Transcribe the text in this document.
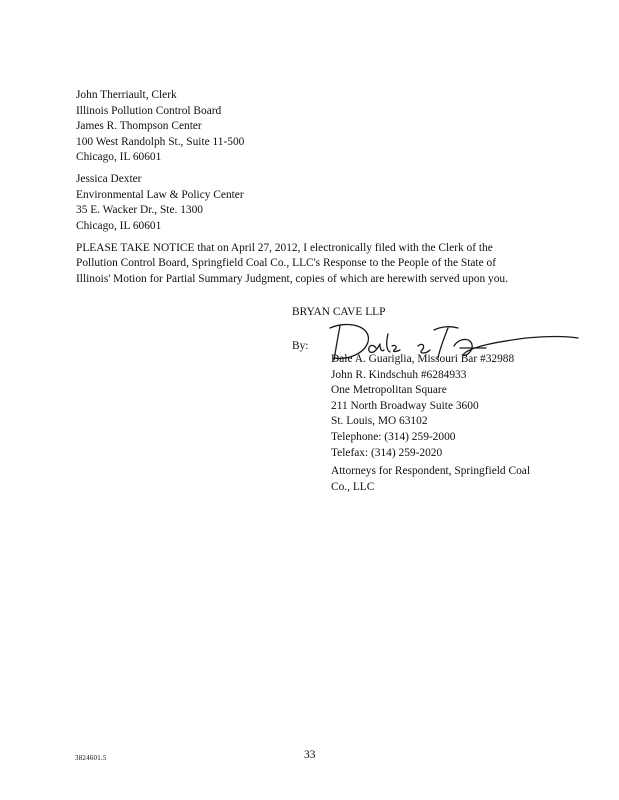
John Therriault, Clerk
Illinois Pollution Control Board
James R. Thompson Center
100 West Randolph St., Suite 11-500
Chicago, IL 60601
Jessica Dexter
Environmental Law & Policy Center
35 E. Wacker Dr., Ste. 1300
Chicago, IL 60601
PLEASE TAKE NOTICE that on April 27, 2012, I electronically filed with the Clerk of the
Pollution Control Board, Springfield Coal Co., LLC's Response to the People of the State of
Illinois' Motion for Partial Summary Judgment, copies of which are herewith served upon you.
BRYAN CAVE LLP
By:
Dale A. Guariglia, Missouri Bar #32988
John R. Kindschuh #6284933
One Metropolitan Square
211 North Broadway Suite 3600
St. Louis, MO 63102
Telephone: (314) 259-2000
Telefax: (314) 259-2020
Attorneys for Respondent, Springfield Coal
Co., LLC
3824601.5	33
